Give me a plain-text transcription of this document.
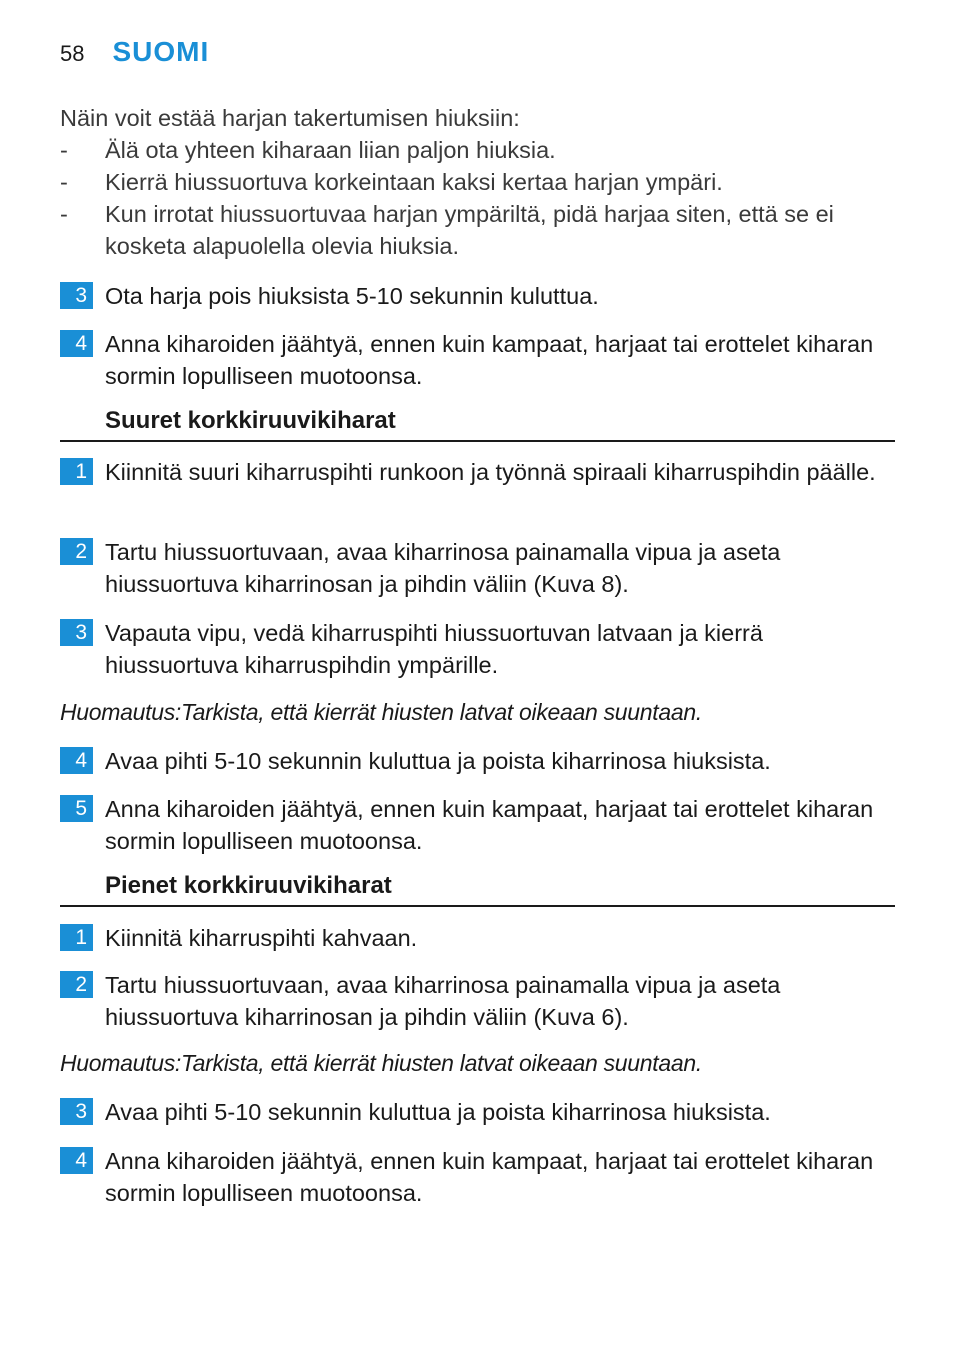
58 SUOMI
Näin voit estää harjan takertumisen hiuksiin:
-	Älä ota yhteen kiharaan liian paljon hiuksia.
-	Kierrä hiussuortuva korkeintaan kaksi kertaa harjan ympäri.
-	Kun irrotat hiussuortuvaa harjan ympäriltä, pidä harjaa siten, että se ei kosketa alapuolella olevia hiuksia.
3 Ota harja pois hiuksista 5-10 sekunnin kuluttua.
4 Anna kiharoiden jäähtyä, ennen kuin kampaat, harjaat tai erottelet kiharan sormin lopulliseen muotoonsa.
Suuret korkkiruuvikiharat
1 Kiinnitä suuri kiharruspihti runkoon ja työnnä spiraali kiharruspihdin päälle.
2 Tartu hiussuortuvaan, avaa kiharrinosa painamalla vipua ja aseta hiussuortuva kiharrinosan ja pihdin väliin (Kuva 8).
3 Vapauta vipu, vedä kiharruspihti hiussuortuvan latvaan ja kierrä hiussuortuva kiharruspihdin ympärille.
Huomautus:Tarkista, että kierrät hiusten latvat oikeaan suuntaan.
4 Avaa pihti 5-10 sekunnin kuluttua ja poista kiharrinosa hiuksista.
5 Anna kiharoiden jäähtyä, ennen kuin kampaat, harjaat tai erottelet kiharan sormin lopulliseen muotoonsa.
Pienet korkkiruuvikiharat
1 Kiinnitä kiharruspihti kahvaan.
2 Tartu hiussuortuvaan, avaa kiharrinosa painamalla vipua ja aseta hiussuortuva kiharrinosan ja pihdin väliin (Kuva 6).
Huomautus:Tarkista, että kierrät hiusten latvat oikeaan suuntaan.
3 Avaa pihti 5-10 sekunnin kuluttua ja poista kiharrinosa hiuksista.
4 Anna kiharoiden jäähtyä, ennen kuin kampaat, harjaat tai erottelet kiharan sormin lopulliseen muotoonsa.
